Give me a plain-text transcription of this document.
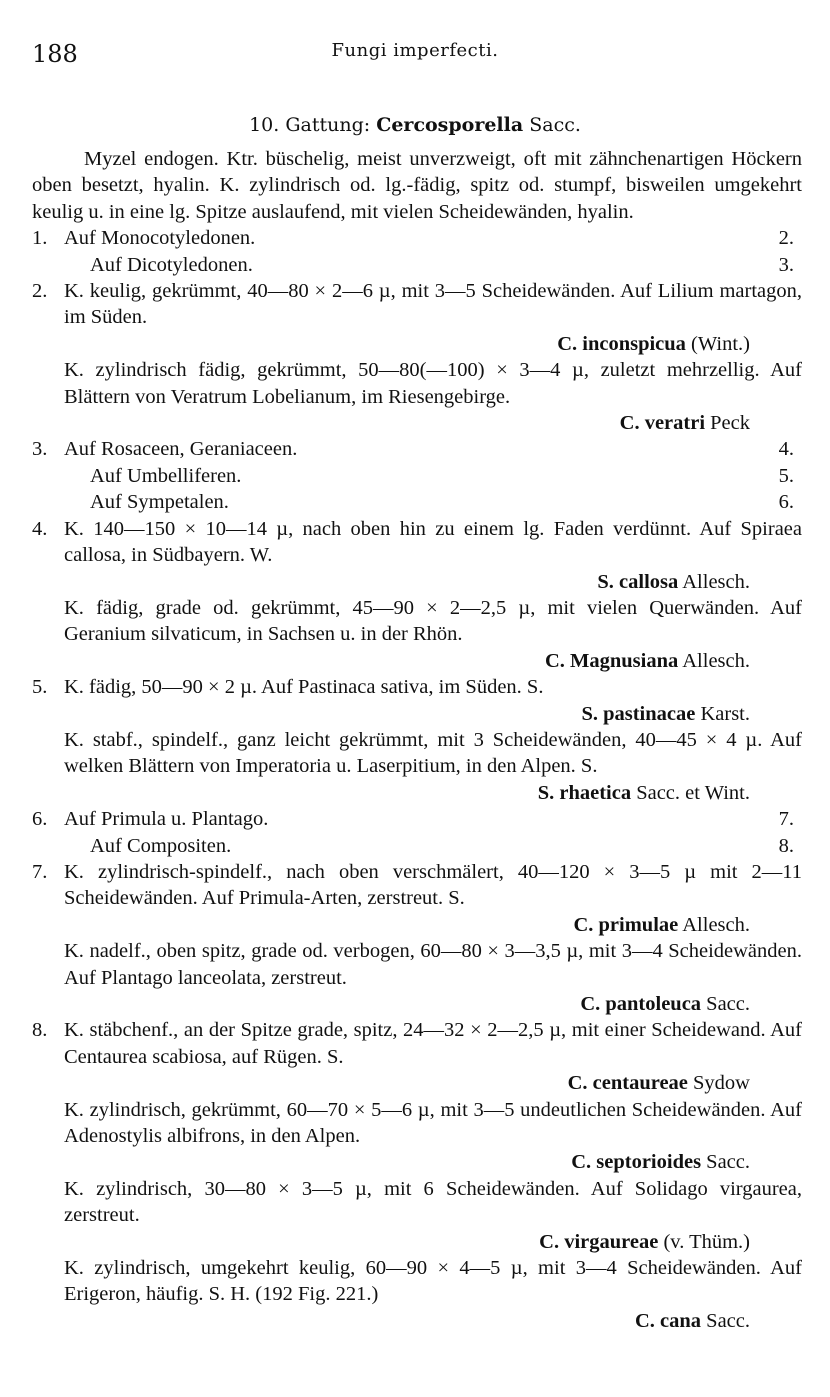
188	Fungi imperfecti.
10. Gattung: Cercosporella Sacc.

Myzel endogen. Ktr. büschelig, meist unverzweigt, oft mit zähnchenartigen Höckern oben besetzt, hyalin. K. zylindrisch od. lg.-fädig, spitz od. stumpf, bisweilen umgekehrt keulig u. in eine lg. Spitze auslaufend, mit vielen Scheidewänden, hyalin.

1. Auf Monocotyledonen.	2.
Auf Dicotyledonen.	3.
2. K. keulig, gekrümmt, 40—80 × 2—6 µ, mit 3—5 Scheidewänden. Auf Lilium martagon, im Süden.

C. inconspicua (Wint.)

K. zylindrisch fädig, gekrümmt, 50—80(—100) × 3—4 µ, zuletzt mehrzellig. Auf Blättern von Veratrum Lobelianum, im Riesengebirge.

C. veratri Peck
3. Auf Rosaceen, Geraniaceen.	4.
Auf Umbelliferen.	5.
Auf Sympetalen.	6.
4. K. 140—150 × 10—14 µ, nach oben hin zu einem lg. Faden verdünnt. Auf Spiraea callosa, in Südbayern. W.

S. callosa Allesch.

K. fädig, grade od. gekrümmt, 45—90 × 2—2,5 µ, mit vielen Querwänden. Auf Geranium silvaticum, in Sachsen u. in der Rhön.

C. Magnusiana Allesch.
5. K. fädig, 50—90 × 2 µ. Auf Pastinaca sativa, im Süden. S.

S. pastinacae Karst.

K. stabf., spindelf., ganz leicht gekrümmt, mit 3 Scheidewänden, 40—45 × 4 µ. Auf welken Blättern von Imperatoria u. Laserpitium, in den Alpen. S.

S. rhaetica Sacc. et Wint.
6. Auf Primula u. Plantago.	7.
Auf Compositen.	8.
7. K. zylindrisch-spindelf., nach oben verschmälert, 40—120 × 3—5 µ mit 2—11 Scheidewänden. Auf Primula-Arten, zerstreut. S.

C. primulae Allesch.

K. nadelf., oben spitz, grade od. verbogen, 60—80 × 3—3,5 µ, mit 3—4 Scheidewänden. Auf Plantago lanceolata, zerstreut.

C. pantoleuca Sacc.
8. K. stäbchenf., an der Spitze grade, spitz, 24—32 × 2—2,5 µ, mit einer Scheidewand. Auf Centaurea scabiosa, auf Rügen. S.

C. centaureae Sydow

K. zylindrisch, gekrümmt, 60—70 × 5—6 µ, mit 3—5 undeutlichen Scheidewänden. Auf Adenostylis albifrons, in den Alpen.

C. septorioides Sacc.

K. zylindrisch, 30—80 × 3—5 µ, mit 6 Scheidewänden. Auf Solidago virgaurea, zerstreut.

C. virgaureae (v. Thüm.)

K. zylindrisch, umgekehrt keulig, 60—90 × 4—5 µ, mit 3—4 Scheidewänden. Auf Erigeron, häufig. S. H. (192 Fig. 221.)

C. cana Sacc.
